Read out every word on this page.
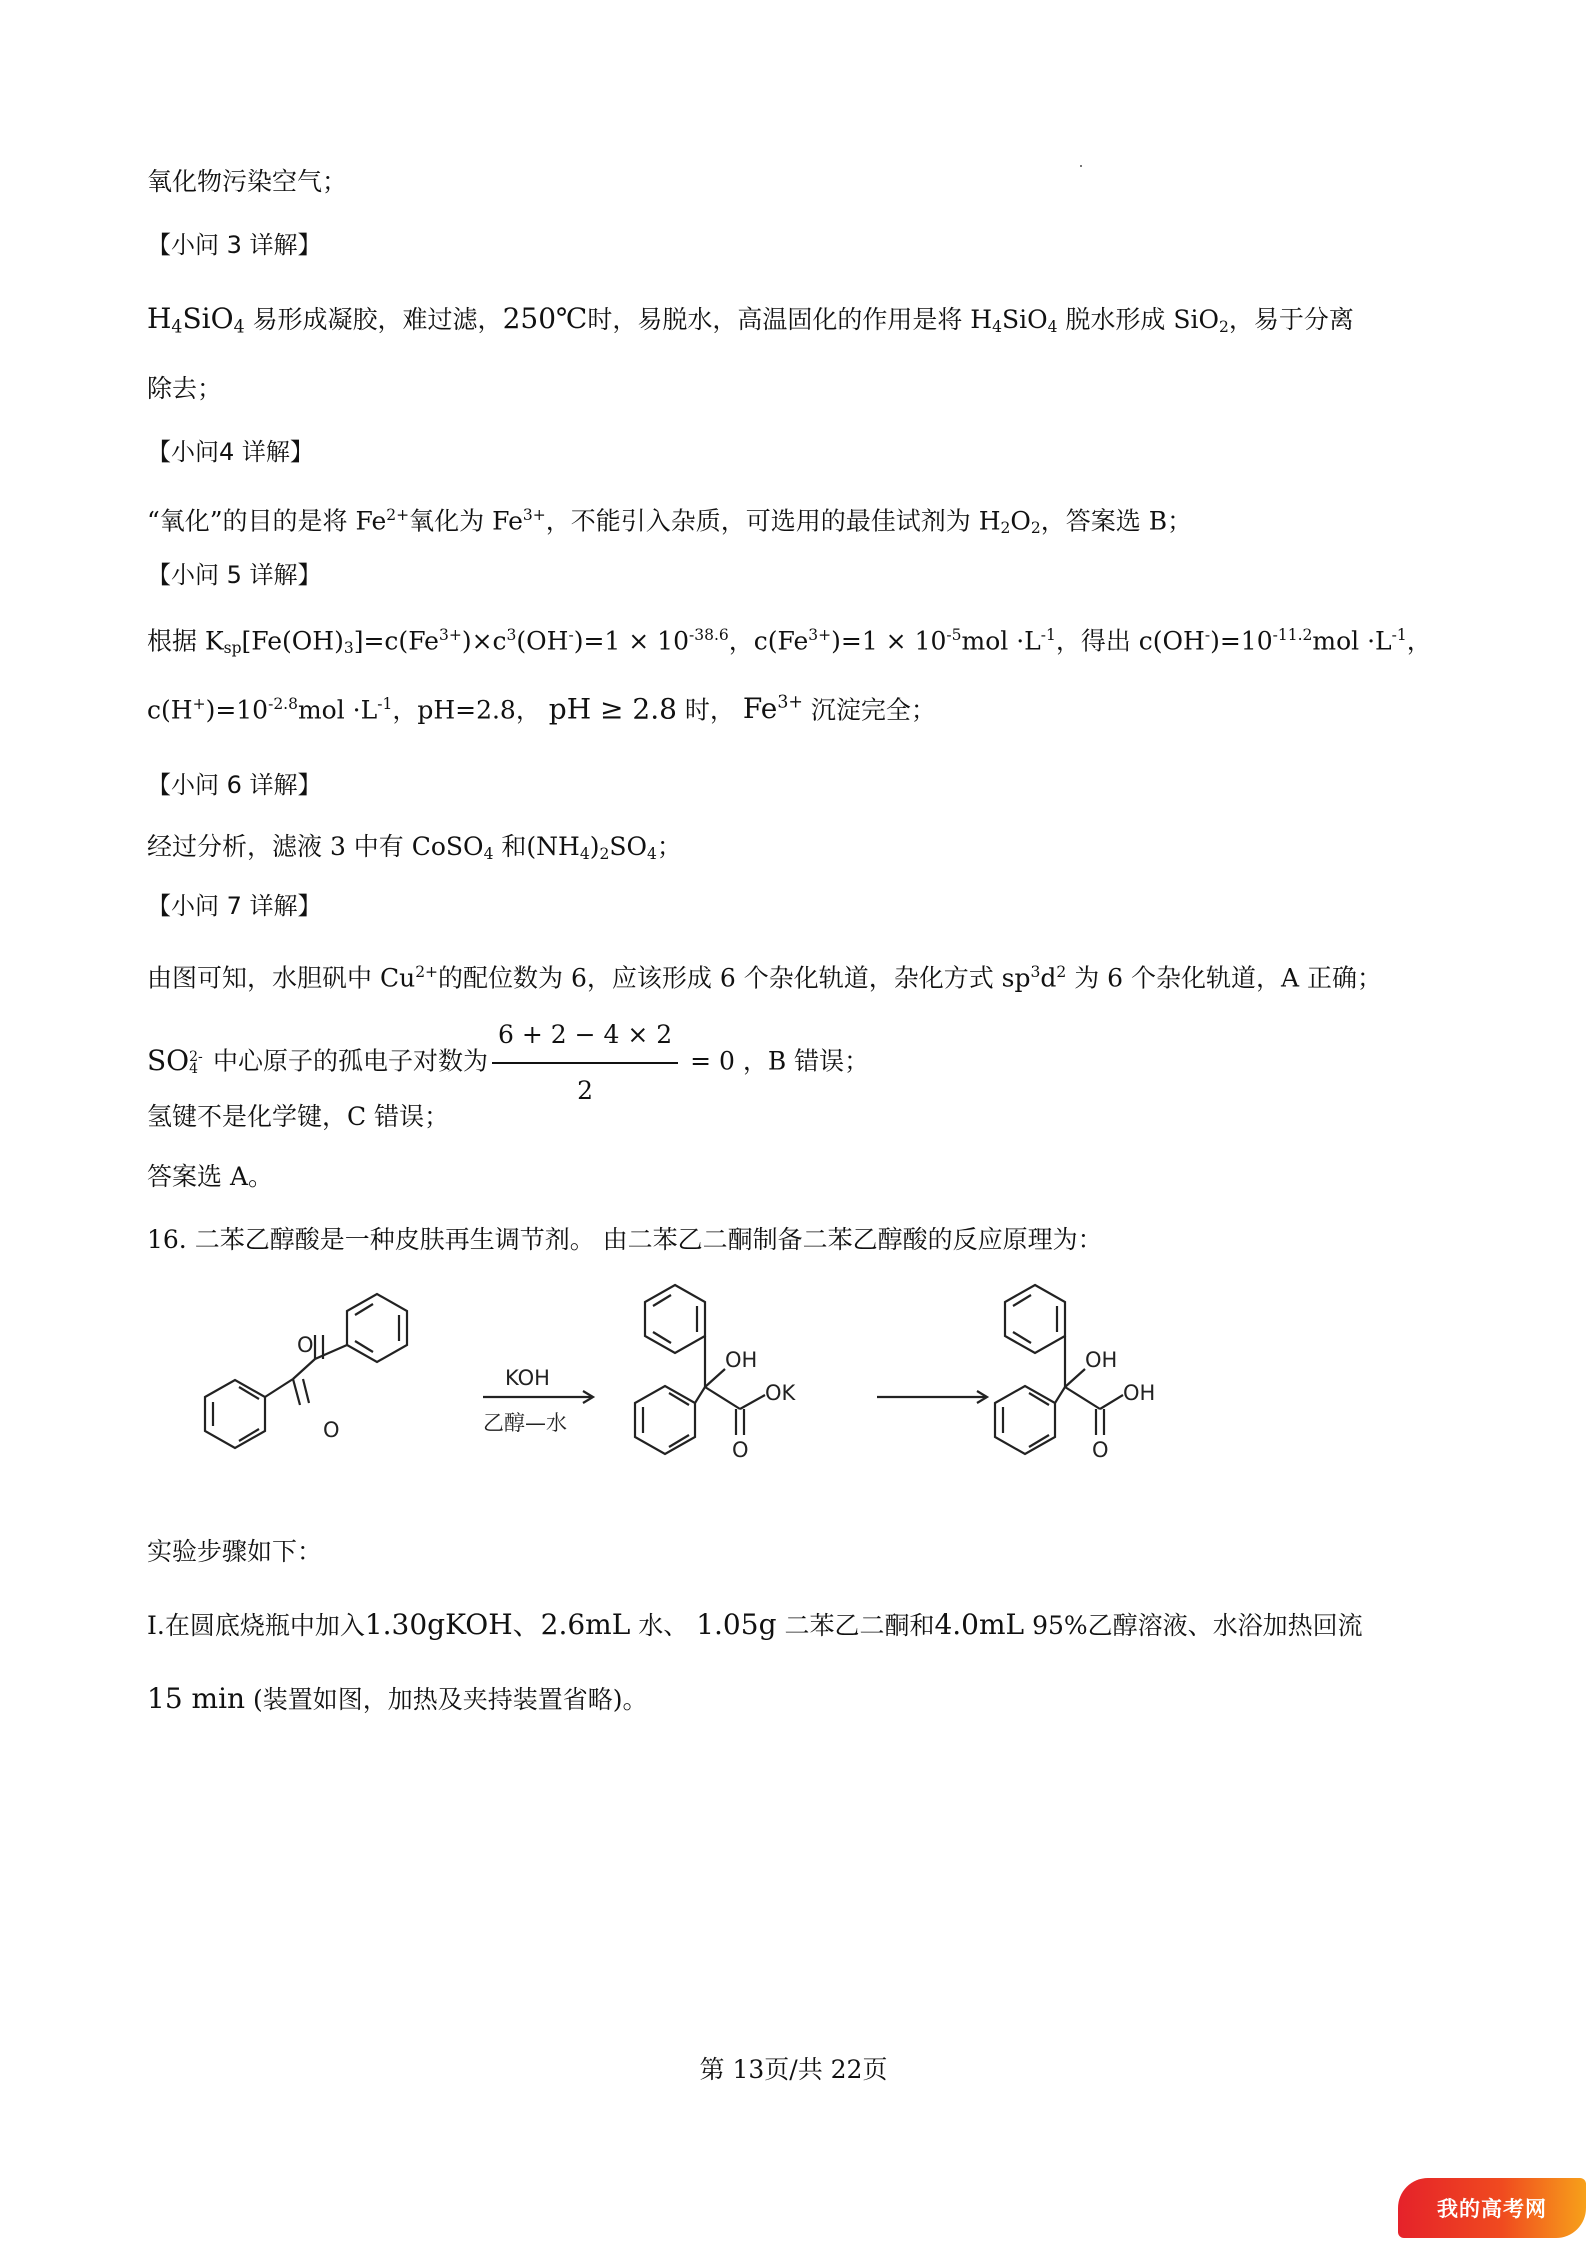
氧化物污染空气；
【小问 3 详解】
$H_4SiO_4$ 易形成凝胶，难过滤，250℃时，易脱水，高温固化的作用是将 $H_4SiO_4$ 脱水形成 SiO$_2$，易于分离
除去；
【小问4 详解】
“氧化”的目的是将 $Fe^{2+}$氧化为 $Fe^{3+}$，不能引入杂质，可选用的最佳试剂为 $H_2O_2$，答案选 B；
【小问 5 详解】
根据 $K_{sp}[Fe(OH)_3]=c(Fe^{3+})\times c^3(OH^-)=1 \times 10^{-38.6}$，$c(Fe^{3+})=1 \times 10^{-5}mol \cdot L^{-1}$，得出 $c(OH^-)=10^{-11.2}mol \cdot L^{-1}$，
$c(H^+)=10^{-2.8}mol \cdot L^{-1}$，pH=2.8， pH ≥ 2.8 时， $Fe^{3+}$ 沉淀完全；
【小问 6 详解】
经过分析，滤液 3 中有 CoSO$_4$ 和$(NH_4)_2SO_4$；
【小问 7 详解】
由图可知，水胆矾中 $Cu^{2+}$的配位数为 6，应该形成 6 个杂化轨道，杂化方式 $sp^3d^2$ 为 6 个杂化轨道，A 正确；
SO 2-
4 中心原子的孤电子对数为 $\frac{6 + 2 - 4 \times 2}{2} = 0$ ，B 错误；
氢键不是化学键，C 错误；
答案选 A。
16. 二苯乙醇酸是一种皮肤再生调节剂。 由二苯乙二酮制备二苯乙醇酸的反应原理为：
O
O
KOH
乙醇—水
OH
OK
O
OH
OH
O
实验步骤如下：
Ⅰ.在圆底烧瓶中加入1.30gKOH、2.6mL 水、 1.05g 二苯乙二酮和4.0mL 95%乙醇溶液、水浴加热回流
15 min (装置如图，加热及夹持装置省略)。
第 13页/共 22页
我的高考网
